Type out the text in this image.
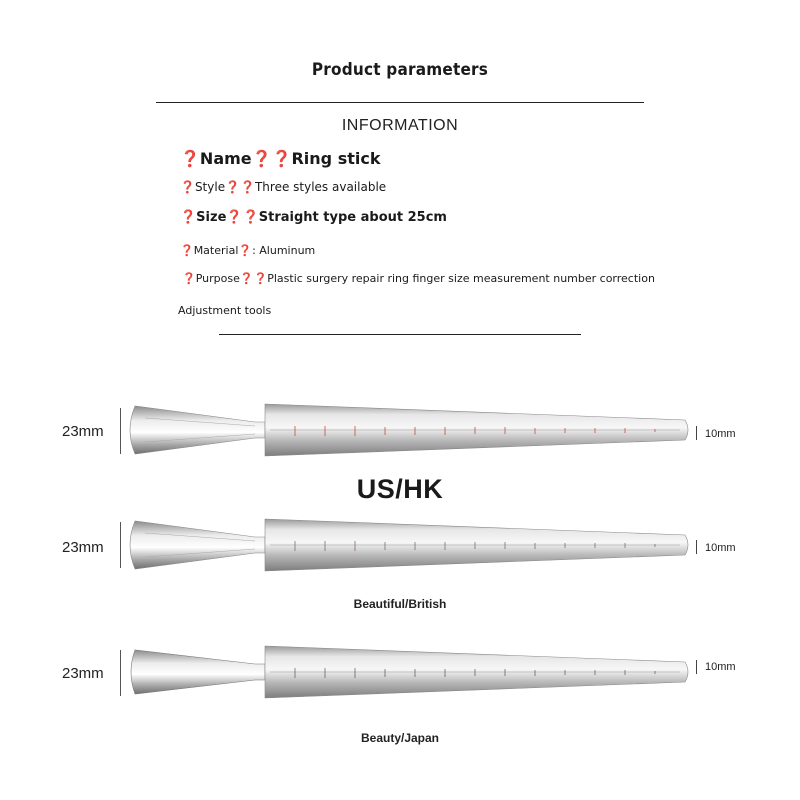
Product parameters
INFORMATION
❓Name❓❓Ring stick
❓Style❓❓Three styles available
❓Size❓❓Straight type about 25cm
❓Material❓: Aluminum
❓Purpose❓❓Plastic surgery repair ring finger size measurement number correction
Adjustment tools
23mm	10mm
US/HK
23mm	10mm
Beautiful/British
23mm	10mm
Beauty/Japan
